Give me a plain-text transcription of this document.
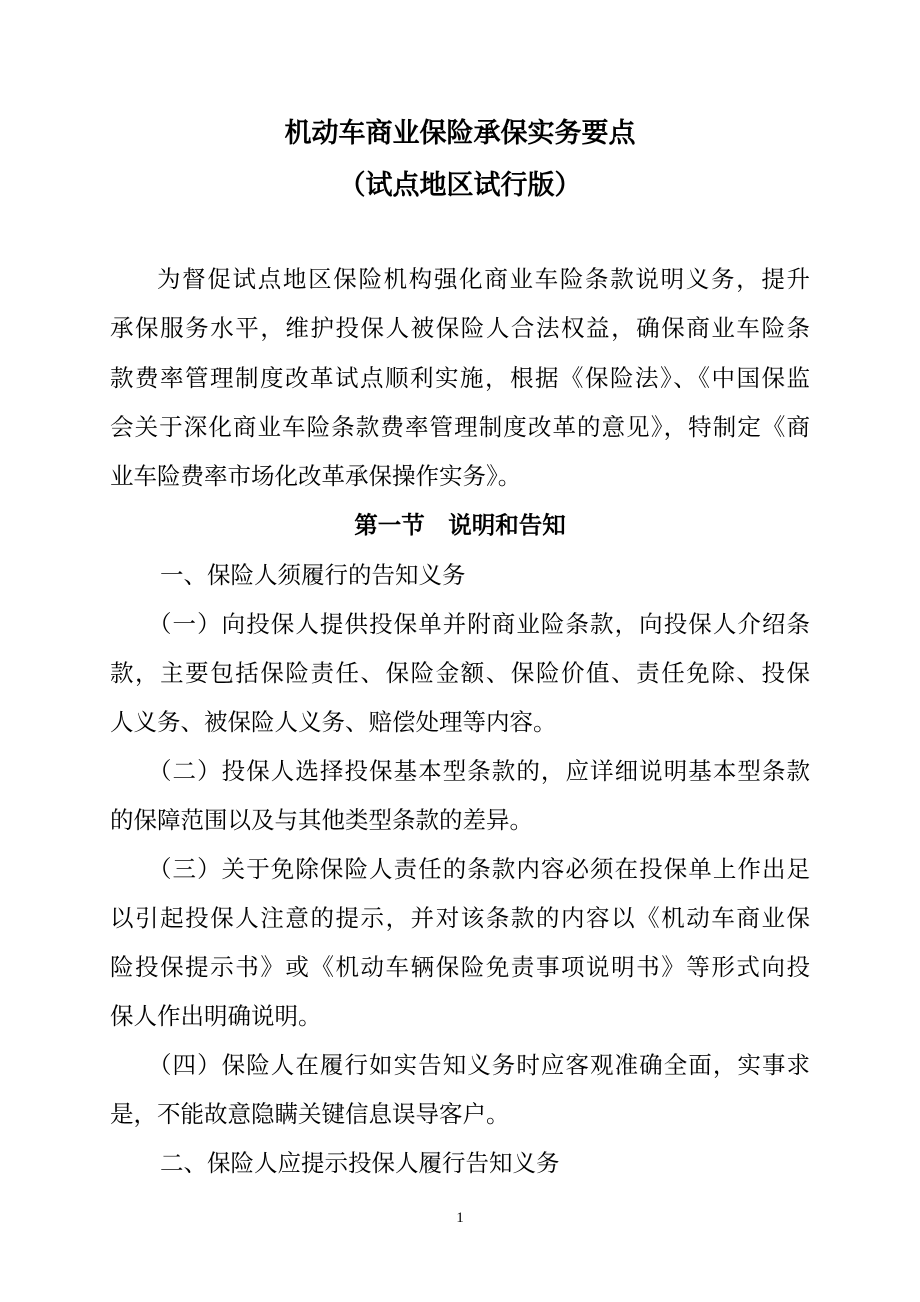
机动车商业保险承保实务要点
（试点地区试行版）

为督促试点地区保险机构强化商业车险条款说明义务，提升

承保服务水平，维护投保人被保险人合法权益，确保商业车险条

款费率管理制度改革试点顺利实施，根据《保险法》、《中国保监

会关于深化商业车险条款费率管理制度改革的意见》，特制定《商

业车险费率市场化改革承保操作实务》。

第一节　说明和告知

一、保险人须履行的告知义务

（一）向投保人提供投保单并附商业险条款，向投保人介绍条

款，主要包括保险责任、保险金额、保险价值、责任免除、投保

人义务、被保险人义务、赔偿处理等内容。

（二）投保人选择投保基本型条款的，应详细说明基本型条款

的保障范围以及与其他类型条款的差异。

（三）关于免除保险人责任的条款内容必须在投保单上作出足

以引起投保人注意的提示，并对该条款的内容以《机动车商业保

险投保提示书》或《机动车辆保险免责事项说明书》等形式向投

保人作出明确说明。

（四）保险人在履行如实告知义务时应客观准确全面，实事求

是，不能故意隐瞒关键信息误导客户。

二、保险人应提示投保人履行告知义务

1
